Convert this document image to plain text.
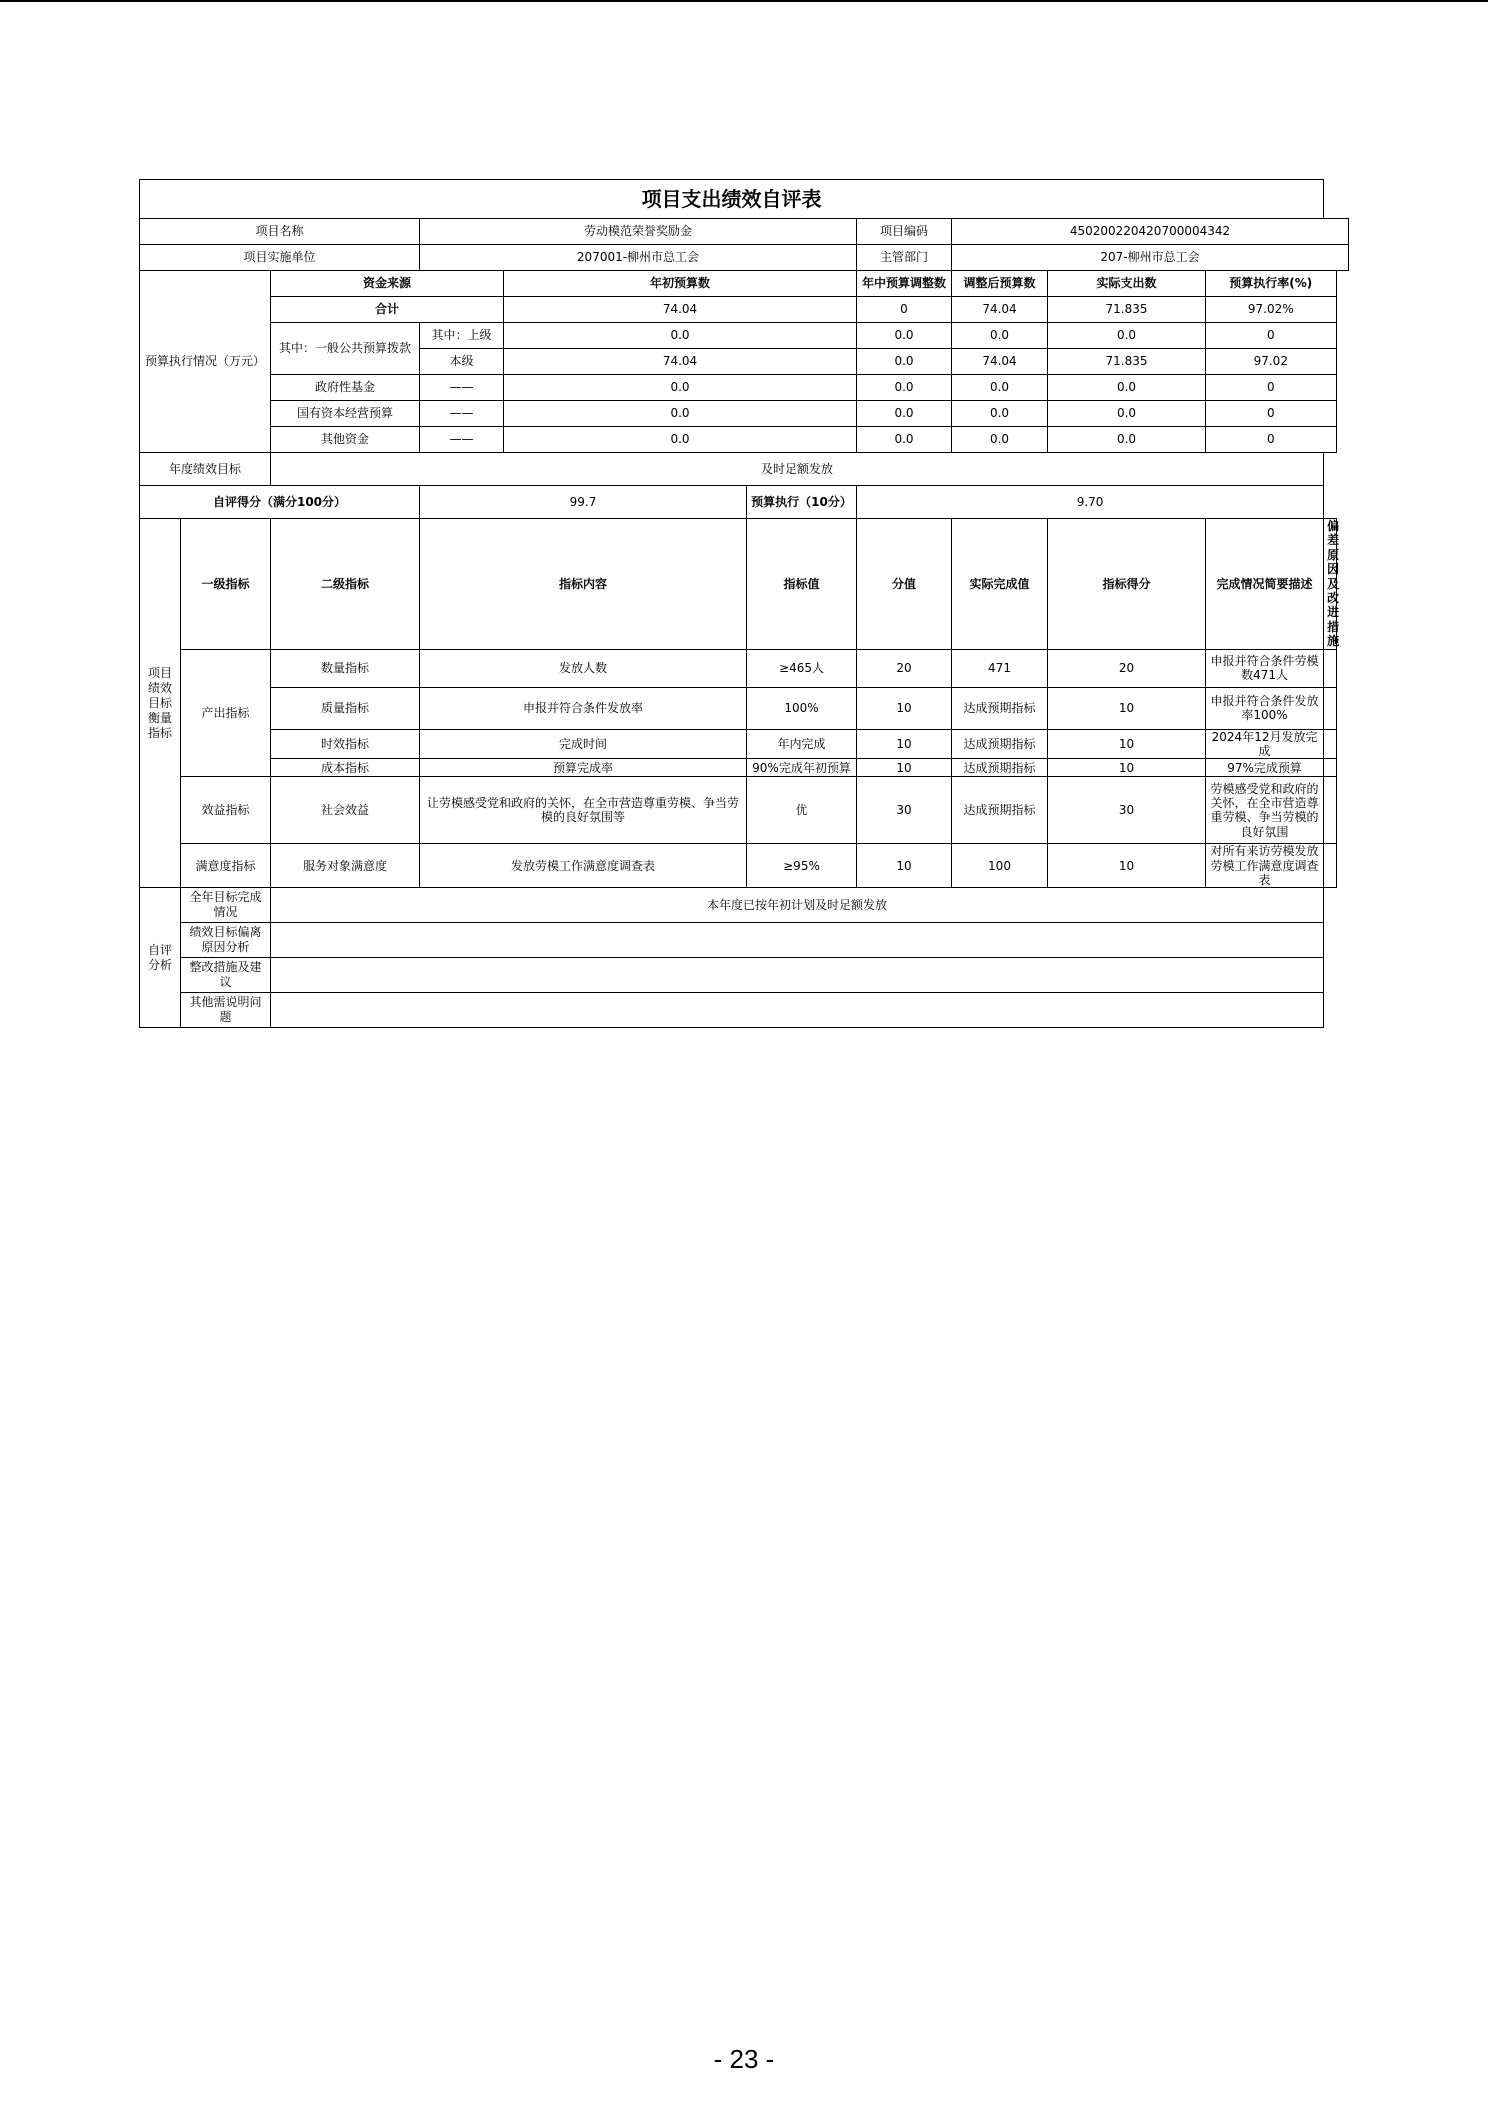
项目支出绩效自评表										
项目名称			劳动模范荣誉奖励金			项目编码	450200220420700004342			
项目实施单位			207001-柳州市总工会			主管部门	207-柳州市总工会			
预算执行情况（万元）		资金来源		年初预算数		年中预算调整数	调整后预算数	实际支出数	预算执行率(%)	
		合计		74.04		0	74.04	71.835	97.02%	
		其中：一般公共预算拨款	其中：上级	0.0		0.0	0.0	0.0	0	
			本级	74.04		0.0	74.04	71.835	97.02	
		政府性基金	——	0.0		0.0	0.0	0.0	0	
		国有资本经营预算	——	0.0		0.0	0.0	0.0	0	
		其他资金	——	0.0		0.0	0.0	0.0	0	
年度绩效目标		及时足额发放								
自评得分（满分100分）			99.7		预算执行（10分）	9.70				
项目绩效目标衡量指标	一级指标	二级指标	指标内容		指标值	分值	实际完成值	指标得分	完成情况简要描述	偏差原因及改进措施
	产出指标	数量指标	发放人数		≥465人	20	471	20	申报并符合条件劳模数471人	
		质量指标	申报并符合条件发放率		100%	10	达成预期指标	10	申报并符合条件发放率100%	
		时效指标	完成时间		年内完成	10	达成预期指标	10	2024年12月发放完成	
		成本指标	预算完成率		90%完成年初预算	10	达成预期指标	10	97%完成预算	
	效益指标	社会效益	让劳模感受党和政府的关怀，在全市营造尊重劳模、争当劳模的良好氛围等		优	30	达成预期指标	30	劳模感受党和政府的关怀，在全市营造尊重劳模、争当劳模的良好氛围	
	满意度指标	服务对象满意度	发放劳模工作满意度调查表		≥95%	10	100	10	对所有来访劳模发放劳模工作满意度调查表	
自评分析	全年目标完成情况	本年度已按年初计划及时足额发放								
	绩效目标偏离原因分析									
	整改措施及建议									
	其他需说明问题									
- 23 -
